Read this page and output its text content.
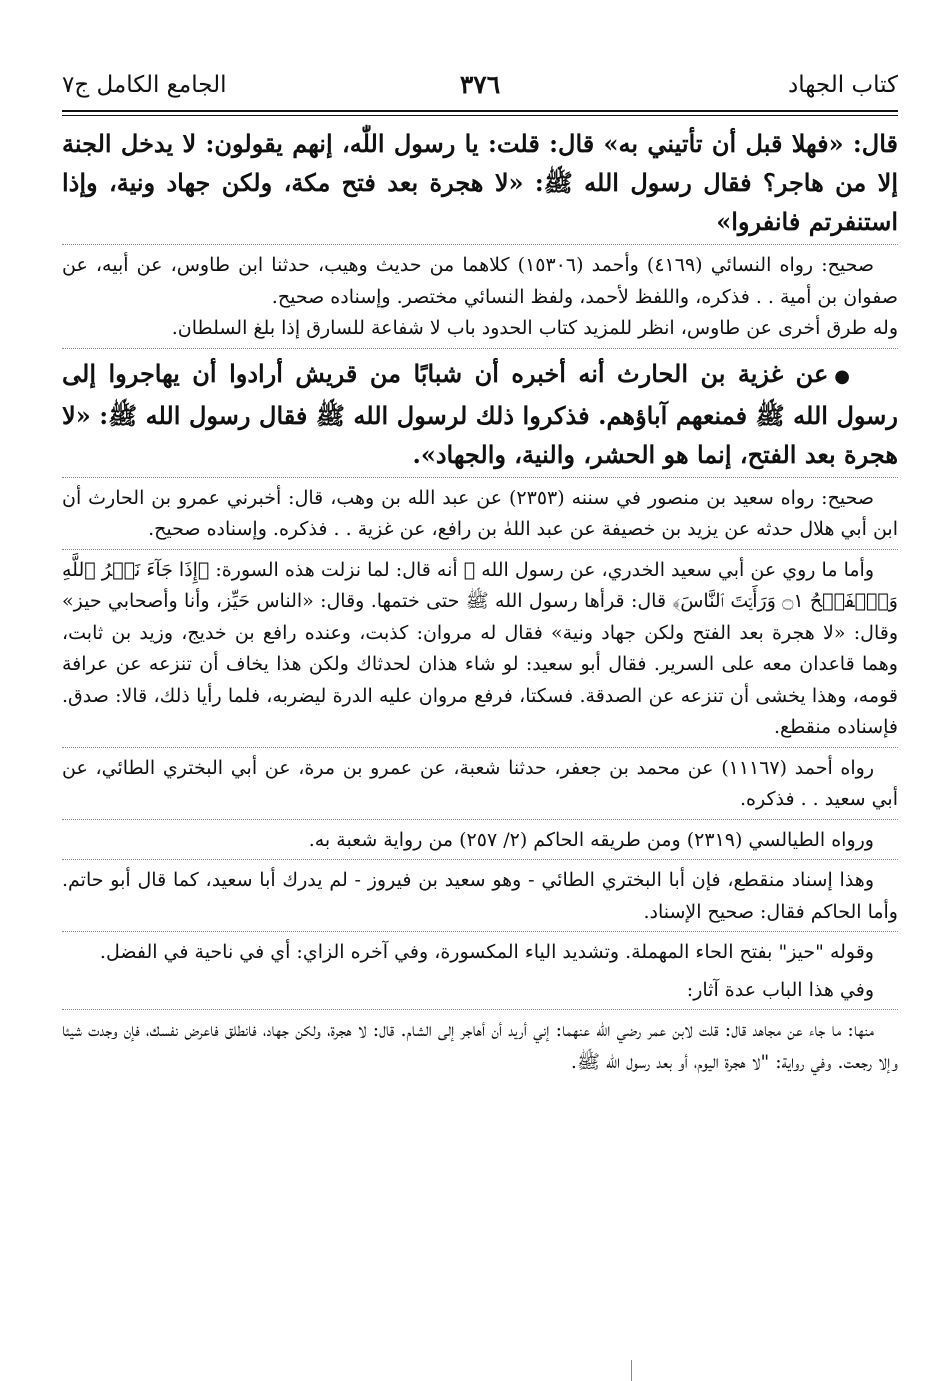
كتاب الجهاد
٣٧٦
الجامع الكامل ج٧

قال: «فهلا قبل أن تأتيني به» قال: قلت: يا رسول اللّٰه، إنهم يقولون: لا يدخل الجنة إلا من هاجر؟ فقال رسول الله ﷺ: «لا هجرة بعد فتح مكة، ولكن جهاد ونية، وإذا استنفرتم فانفروا»

صحيح: رواه النسائي (٤١٦٩) وأحمد (١٥٣٠٦) كلاهما من حديث وهيب، حدثنا ابن طاوس، عن أبيه، عن صفوان بن أمية . . فذكره، واللفظ لأحمد، ولفظ النسائي مختصر. وإسناده صحيح.

وله طرق أخرى عن طاوس، انظر للمزيد كتاب الحدود باب لا شفاعة للسارق إذا بلغ السلطان.

●عن غزية بن الحارث أنه أخبره أن شبابًا من قريش أرادوا أن يهاجروا إلى رسول الله ﷺ فمنعهم آباؤهم. فذكروا ذلك لرسول الله ﷺ فقال رسول الله ﷺ: «لا هجرة بعد الفتح، إنما هو الحشر، والنية، والجهاد».

صحيح: رواه سعيد بن منصور في سننه (٢٣٥٣) عن عبد الله بن وهب، قال: أخبرني عمرو بن الحارث أن ابن أبي هلال حدثه عن يزيد بن خصيفة عن عبد اللهٰ بن رافع، عن غزية . . فذكره. وإسناده صحيح.

وأما ما روي عن أبي سعيد الخدري، عن رسول الله ﷺ أنه قال: لما نزلت هذه السورة: ﴿إِذَا جَآءَ نَصۡرُ ٱللَّهِ وَٱلۡفَتۡحُ ۝١ وَرَأَيۡتَ ٱلنَّاسَ﴾ قال: قرأها رسول الله ﷺ حتى ختمها. وقال: «الناس حَيِّز، وأنا وأصحابي حيز» وقال: «لا هجرة بعد الفتح ولكن جهاد ونية» فقال له مروان: كذبت، وعنده رافع بن خديج، وزيد بن ثابت، وهما قاعدان معه على السرير. فقال أبو سعيد: لو شاء هذان لحدثاك ولكن هذا يخاف أن تنزعه عن عرافة قومه، وهذا يخشى أن تنزعه عن الصدقة. فسكتا، فرفع مروان عليه الدرة ليضربه، فلما رأيا ذلك، قالا: صدق. فإسناده منقطع.

رواه أحمد (١١١٦٧) عن محمد بن جعفر، حدثنا شعبة، عن عمرو بن مرة، عن أبي البختري الطائي، عن أبي سعيد . . فذكره.

ورواه الطيالسي (٢٣١٩) ومن طريقه الحاكم (٢/ ٢٥٧) من رواية شعبة به.

وهذا إسناد منقطع، فإن أبا البختري الطائي - وهو سعيد بن فيروز - لم يدرك أبا سعيد، كما قال أبو حاتم. وأما الحاكم فقال: صحيح الإسناد.

وقوله "حيز" بفتح الحاء المهملة. وتشديد الياء المكسورة، وفي آخره الزاي: أي في ناحية في الفضل.

وفي هذا الباب عدة آثار:

منها: ما جاء عن مجاهد قال: قلت لابن عمر رضي الله عنهما: إني أريد أن أهاجر إلى الشام. قال: لا هجرة، ولكن جهاد، فانطلق فاعرض نفسك، فإن وجدت شيئا وإلا رجعت. وفي رواية: "لا هجرة اليوم، أو بعد رسول الله ﷺ.
